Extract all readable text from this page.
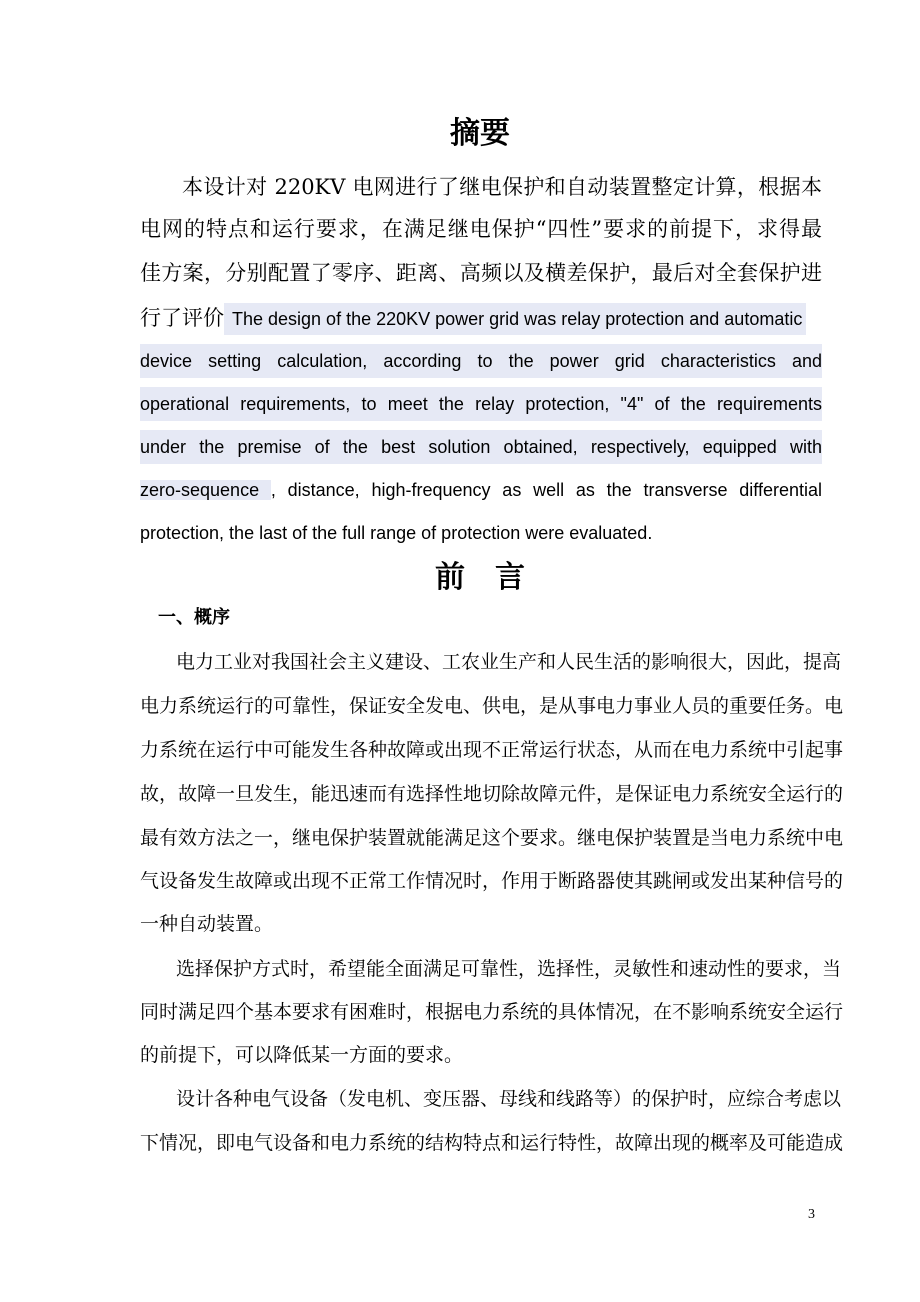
摘要
本设计对 220KV 电网进行了继电保护和自动装置整定计算，根据本
电网的特点和运行要求，在满足继电保护“四性”要求的前提下，求得最
佳方案，分别配置了零序、距离、高频以及横差保护，最后对全套保护进
行了评价 The design of the 220KV power grid was relay protection and automatic
device setting calculation, according to the power grid characteristics and
operational requirements, to meet the relay protection, "4" of the requirements
under the premise of the best solution obtained, respectively, equipped with
zero-sequence , distance, high-frequency as well as the transverse differential
protection, the last of the full range of protection were evaluated.
前　言
一、概序
电力工业对我国社会主义建设、工农业生产和人民生活的影响很大，因此，提高
电力系统运行的可靠性，保证安全发电、供电，是从事电力事业人员的重要任务。电
力系统在运行中可能发生各种故障或出现不正常运行状态，从而在电力系统中引起事
故，故障一旦发生，能迅速而有选择性地切除故障元件，是保证电力系统安全运行的
最有效方法之一，继电保护装置就能满足这个要求。继电保护装置是当电力系统中电
气设备发生故障或出现不正常工作情况时，作用于断路器使其跳闸或发出某种信号的
一种自动装置。
选择保护方式时，希望能全面满足可靠性，选择性，灵敏性和速动性的要求，当
同时满足四个基本要求有困难时，根据电力系统的具体情况，在不影响系统安全运行
的前提下，可以降低某一方面的要求。
设计各种电气设备（发电机、变压器、母线和线路等）的保护时，应综合考虑以
下情况，即电气设备和电力系统的结构特点和运行特性，故障出现的概率及可能造成
3
